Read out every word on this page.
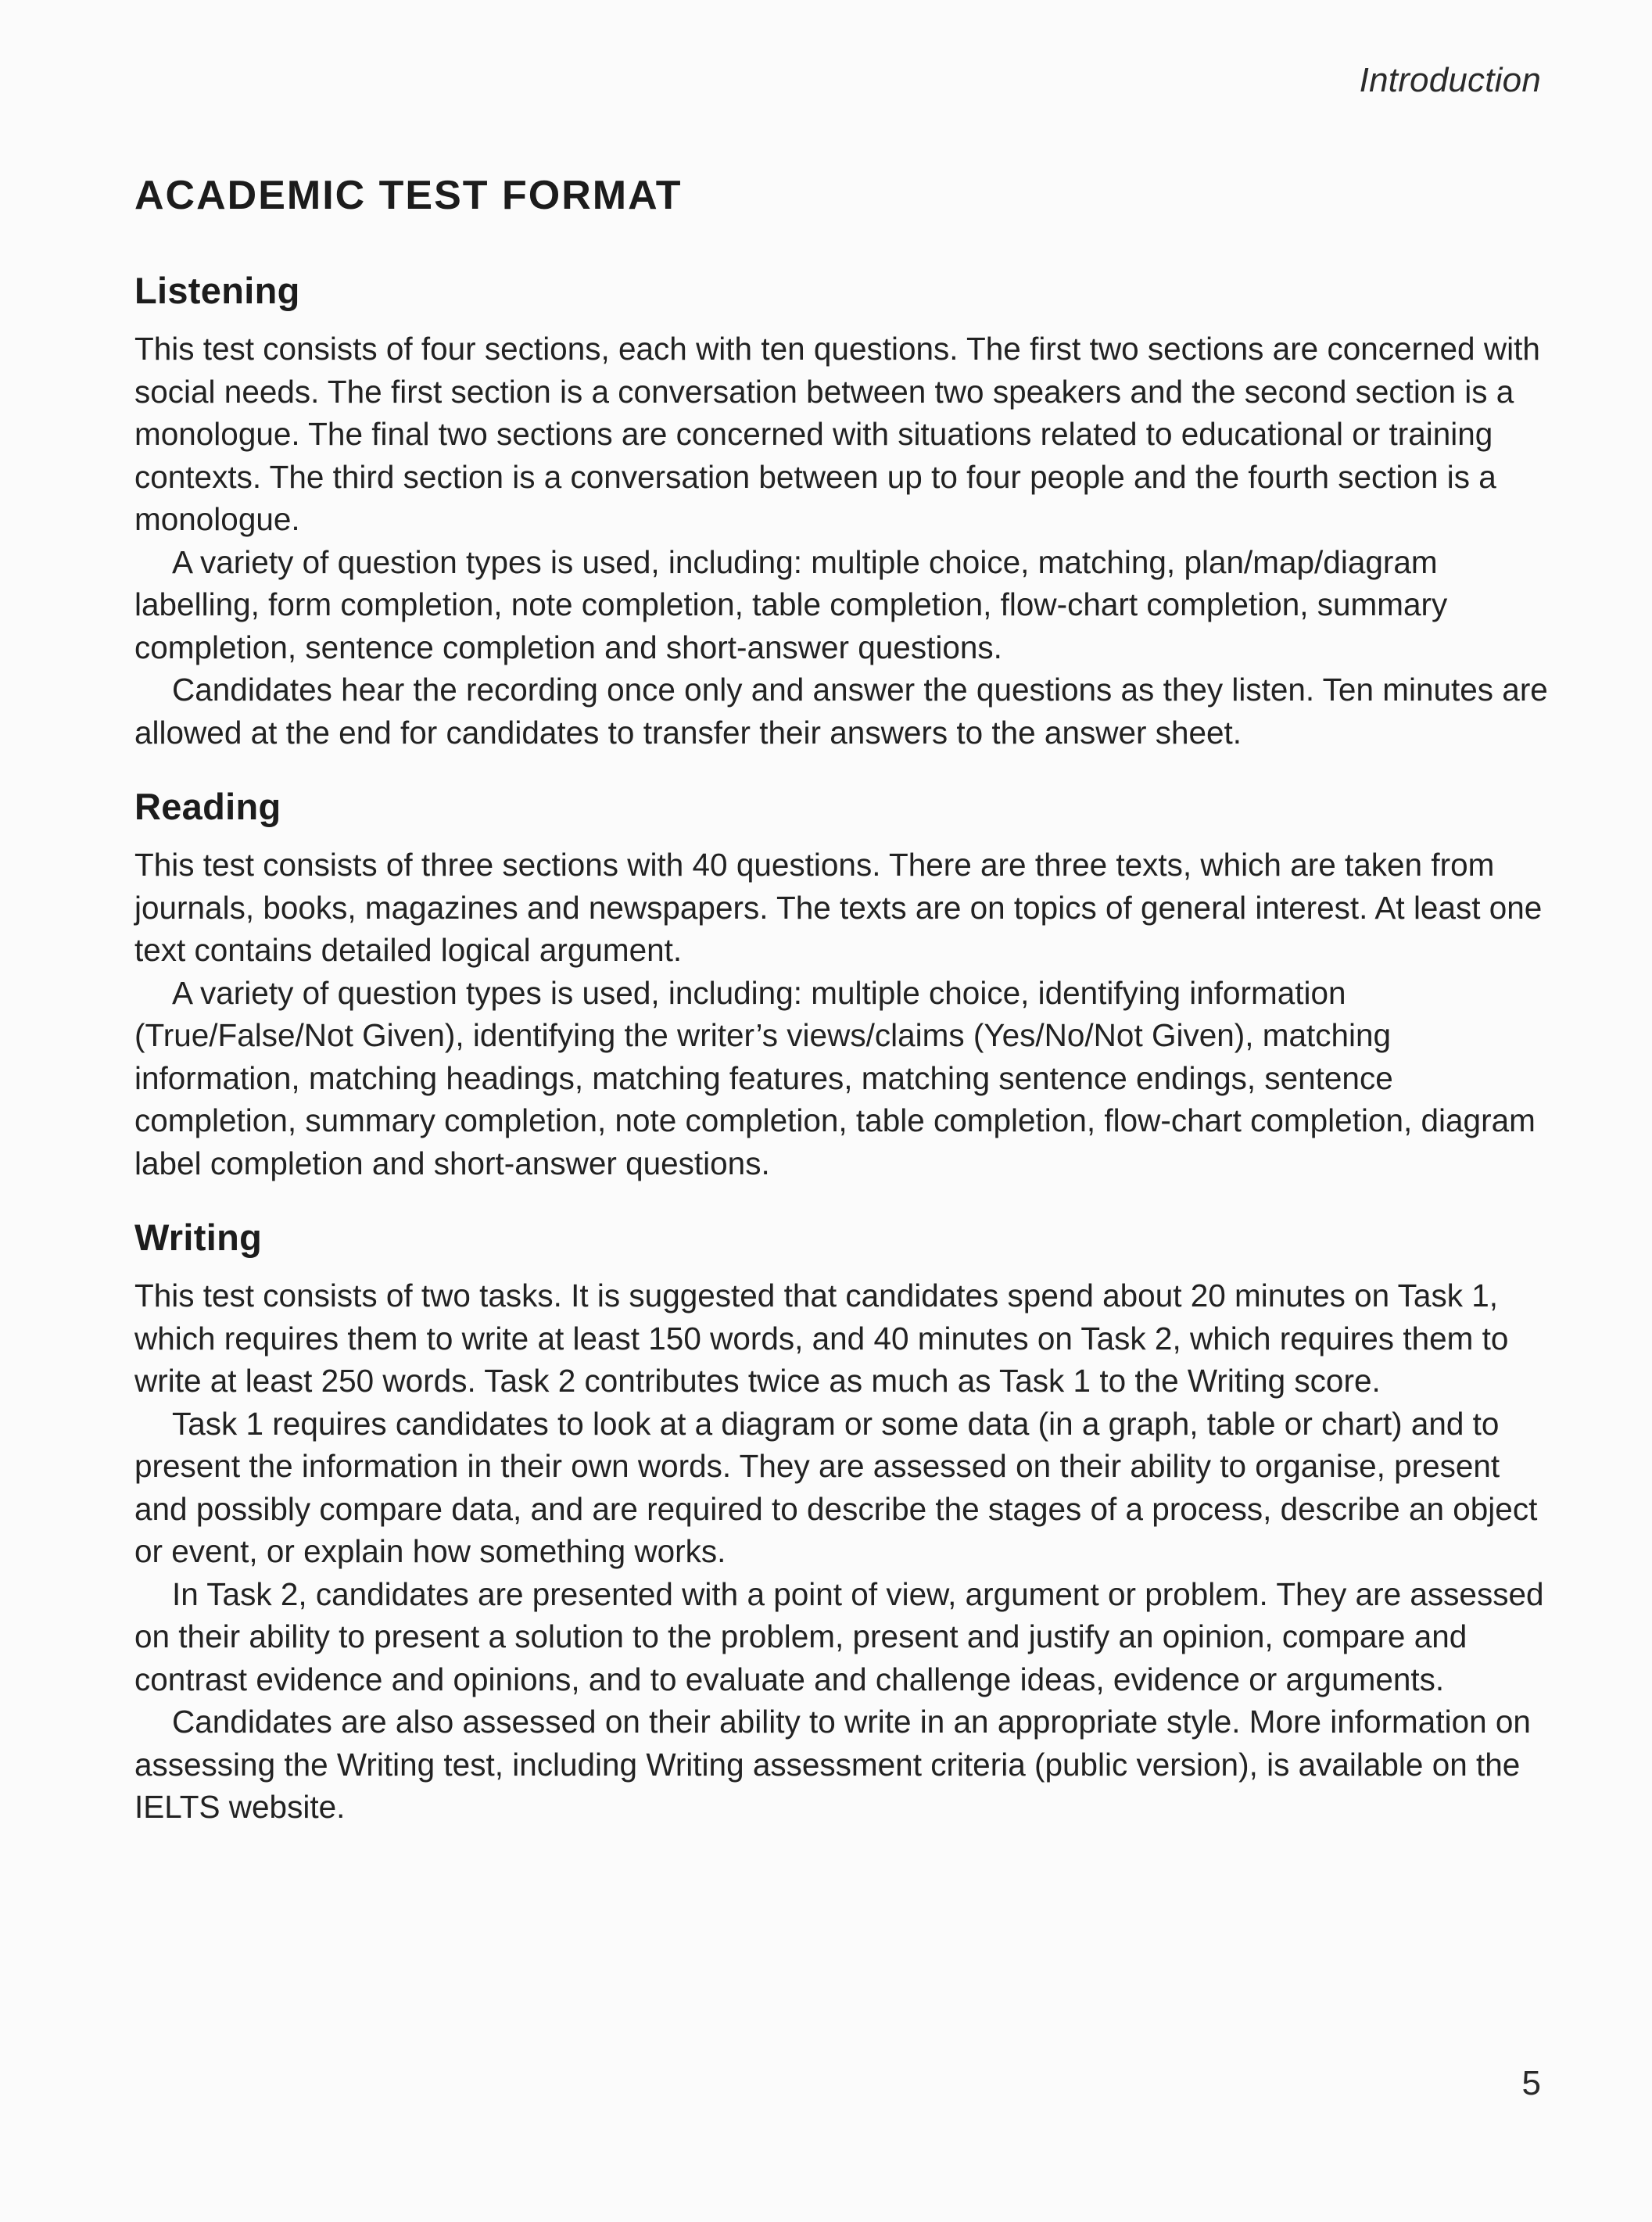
Introduction
ACADEMIC TEST FORMAT
Listening

This test consists of four sections, each with ten questions. The first two sections are concerned with social needs. The first section is a conversation between two speakers and the second section is a monologue. The final two sections are concerned with situations related to educational or training contexts. The third section is a conversation between up to four people and the fourth section is a monologue.

A variety of question types is used, including: multiple choice, matching, plan/map/diagram labelling, form completion, note completion, table completion, flow-chart completion, summary completion, sentence completion and short-answer questions.

Candidates hear the recording once only and answer the questions as they listen. Ten minutes are allowed at the end for candidates to transfer their answers to the answer sheet.

Reading

This test consists of three sections with 40 questions. There are three texts, which are taken from journals, books, magazines and newspapers. The texts are on topics of general interest. At least one text contains detailed logical argument.

A variety of question types is used, including: multiple choice, identifying information (True/False/Not Given), identifying the writer’s views/claims (Yes/No/Not Given), matching information, matching headings, matching features, matching sentence endings, sentence completion, summary completion, note completion, table completion, flow-chart completion, diagram label completion and short-answer questions.

Writing

This test consists of two tasks. It is suggested that candidates spend about 20 minutes on Task 1, which requires them to write at least 150 words, and 40 minutes on Task 2, which requires them to write at least 250 words. Task 2 contributes twice as much as Task 1 to the Writing score.

Task 1 requires candidates to look at a diagram or some data (in a graph, table or chart) and to present the information in their own words. They are assessed on their ability to organise, present and possibly compare data, and are required to describe the stages of a process, describe an object or event, or explain how something works.

In Task 2, candidates are presented with a point of view, argument or problem. They are assessed on their ability to present a solution to the problem, present and justify an opinion, compare and contrast evidence and opinions, and to evaluate and challenge ideas, evidence or arguments.

Candidates are also assessed on their ability to write in an appropriate style. More information on assessing the Writing test, including Writing assessment criteria (public version), is available on the IELTS website.

5
